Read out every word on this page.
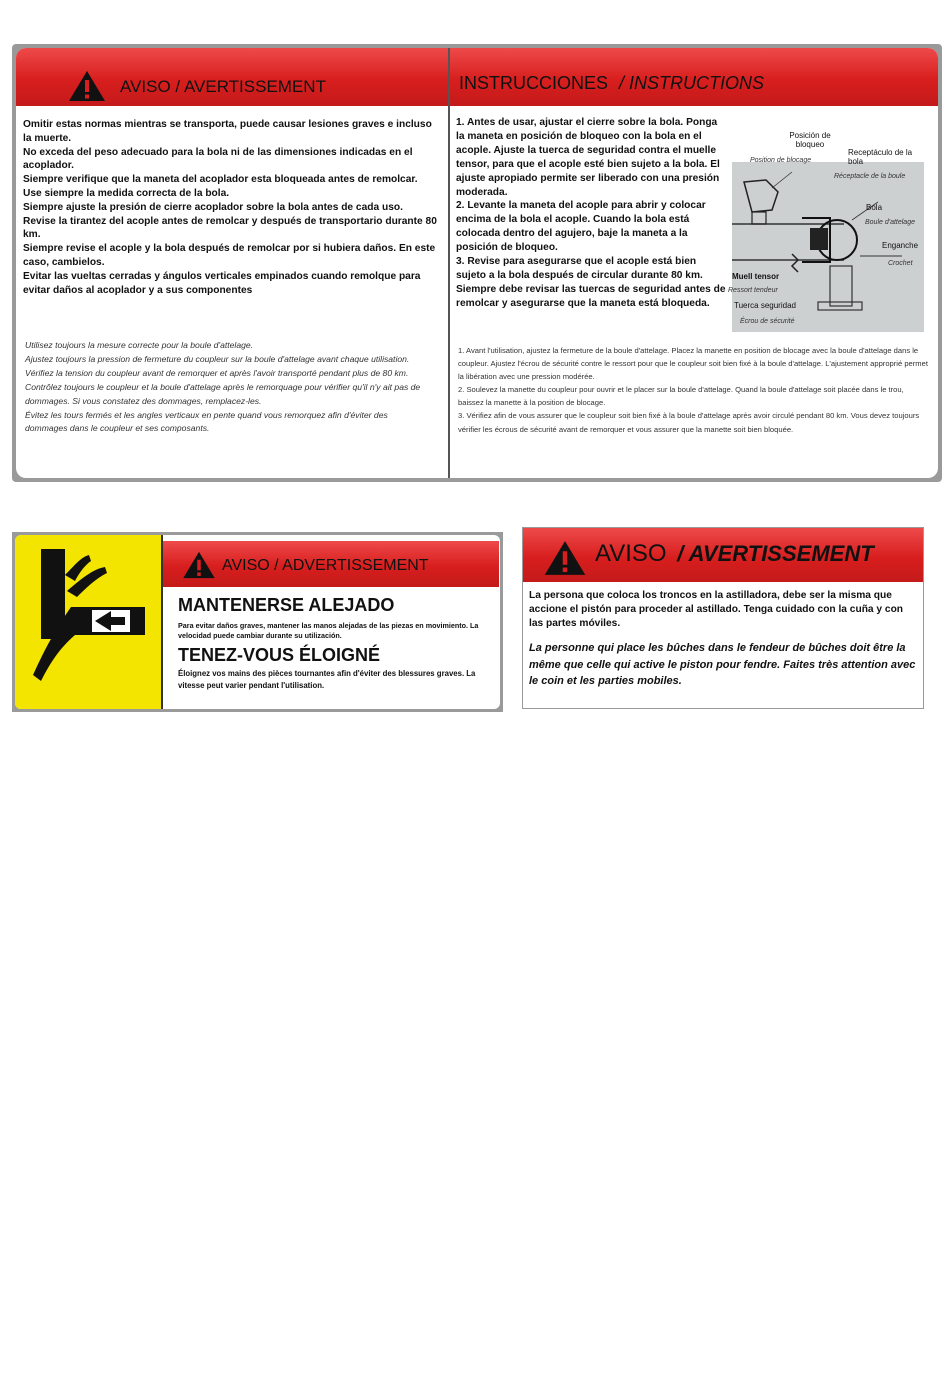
AVISO / AVERTISSEMENT	INSTRUCCIONES / INSTRUCTIONS
Omitir estas normas mientras se transporta, puede causar lesiones graves e incluso la muerte.
No exceda del peso adecuado para la bola ni de las dimensiones indicadas en el acoplador.
Siempre verifique que la maneta del acoplador esta bloqueada antes de remolcar.
Use siempre la medida correcta de la bola.
Siempre ajuste la presión de cierre acoplador sobre la bola antes de cada uso.
Revise la tirantez del acople antes de remolcar y después de transportario durante 80 km.
Siempre revise el acople y la bola después de remolcar por si hubiera daños. En este caso, cambielos.
Evitar las vueltas cerradas y ángulos verticales empinados cuando remolque para evitar daños al acoplador y a sus componentes
Utilisez toujours la mesure correcte pour la boule d'attelage.
Ajustez toujours la pression de fermeture du coupleur sur la boule d'attelage avant chaque utilisation.
Vérifiez la tension du coupleur avant de remorquer et après l'avoir transporté pendant plus de 80 km.
Contrôlez toujours le coupleur et la boule d'attelage après le remorquage pour vérifier qu'il n'y ait pas de dommages. Si vous constatez des dommages, remplacez-les.
Évitez les tours fermés et les angles verticaux en pente quand vous remorquez afin d'éviter des dommages dans le coupleur et ses composants.
1. Antes de usar, ajustar el cierre sobre la bola. Ponga la maneta en posición de bloqueo con la bola en el acople. Ajuste la tuerca de seguridad contra el muelle tensor, para que el acople esté bien sujeto a la bola. El ajuste apropiado permite ser liberado con una presión moderada.
2. Levante la maneta del acople para abrir y colocar encima de la bola el acople. Cuando la bola está colocada dentro del agujero, baje la maneta a la posición de bloqueo.
3. Revise para asegurarse que el acople está bien sujeto a la bola después de circular durante 80 km. Siempre debe revisar las tuercas de seguridad antes de remolcar y asegurarse que la maneta está bloqueda.
1. Avant l'utilisation, ajustez la fermeture de la boule d'attelage. Placez la manette en position de blocage avec la boule d'attelage dans le coupleur. Ajustez l'écrou de sécurité contre le ressort pour que le coupleur soit bien fixé à la boule d'attelage. L'ajustement approprié permet la libération avec une pression modérée.
2. Soulevez la manette du coupleur pour ouvrir et le placer sur la boule d'attelage. Quand la boule d'attelage soit placée dans le trou, baissez la manette à la position de blocage.
3. Vérifiez afin de vous assurer que le coupleur soit bien fixé à la boule d'attelage après avoir circulé pendant 80 km. Vous devez toujours vérifier les écrous de sécurité avant de remorquer et vous assurer que la manette soit bien bloquée.
Posición de bloqueo
Position de blocage
Receptáculo de la bola
Réceptacle de la boule
Bola
Boule d'attelage
Enganche
Crochet
Muell tensor
Ressort tendeur
Tuerca seguridad
Écrou de sécurité
AVISO / ADVERTISSEMENT
MANTENERSE ALEJADO
Para evitar daños graves, mantener las manos alejadas de las piezas en movimiento. La velocidad puede cambiar durante su utilización.
TENEZ-VOUS ÉLOIGNÉ
Éloignez vos mains des pièces tournantes afin d'éviter des blessures graves. La vitesse peut varier pendant l'utilisation.
AVISO / AVERTISSEMENT
La persona que coloca los troncos en la astilladora, debe ser la misma que accione el pistón para proceder al astillado. Tenga cuidado con la cuña y con las partes móviles.
La personne qui place les bûches dans le fendeur de bûches doit être la même que celle qui active le piston pour fendre. Faites très attention avec le coin et les parties mobiles.
